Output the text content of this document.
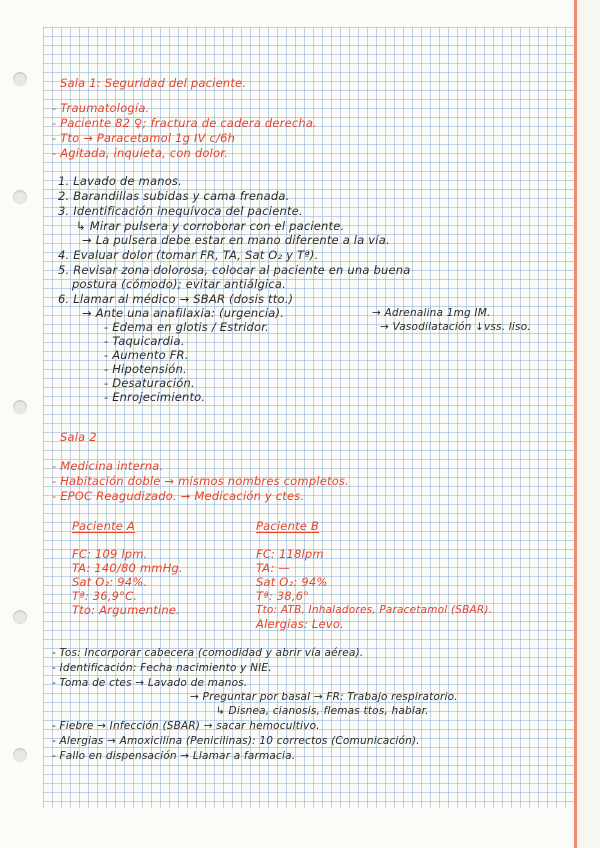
Sala 1: Seguridad del paciente.

- Traumatología.

- Paciente 82 ♀; fractura de cadera derecha.

- Tto → Paracetamol 1g IV c/6h

- Agitada, inquieta, con dolor.

1. Lavado de manos.

2. Barandillas subidas y cama frenada.

3. Identificación inequívoca del paciente.

↳ Mirar pulsera y corroborar con el paciente.

→ La pulsera debe estar en mano diferente a la vía.

4. Evaluar dolor (tomar FR, TA, Sat O₂ y Tª).

5. Revisar zona dolorosa, colocar al paciente en una buena

postura (cómodo); evitar antiálgica.

6. Llamar al médico → SBAR (dosis tto.)

→ Ante una anafilaxia: (urgencia).

- Edema en glotis / Estridor.

- Taquicardia.

- Aumento FR.

- Hipotensión.

- Desaturación.

- Enrojecimiento.

→ Adrenalina 1mg IM.

→ Vasodilatación ↓vss. liso.

Sala 2

- Medicina interna.

- Habitación doble → mismos nombres completos.

- EPOC Reagudizado. → Medicación y ctes.

Paciente A

FC: 109 lpm.

TA: 140/80 mmHg.

Sat O₂: 94%.

Tª: 36,9°C.

Tto: Argumentine.

Paciente B

FC: 118lpm

TA: —

Sat O₂: 94%

Tª: 38,6°

Tto: ATB, Inhaladores, Paracetamol (SBAR).

Alergias: Levo.

- Tos: Incorporar cabecera (comodidad y abrir vía aérea).

- Identificación: Fecha nacimiento y NIE.

- Toma de ctes → Lavado de manos.

→ Preguntar por basal → FR: Trabajo respiratorio.

↳ Disnea, cianosis, flemas ttos, hablar.

- Fiebre → Infección (SBAR) → sacar hemocultivo.

- Alergias → Amoxicilina (Penicilinas): 10 correctos (Comunicación).

- Fallo en dispensación → Llamar a farmacia.
